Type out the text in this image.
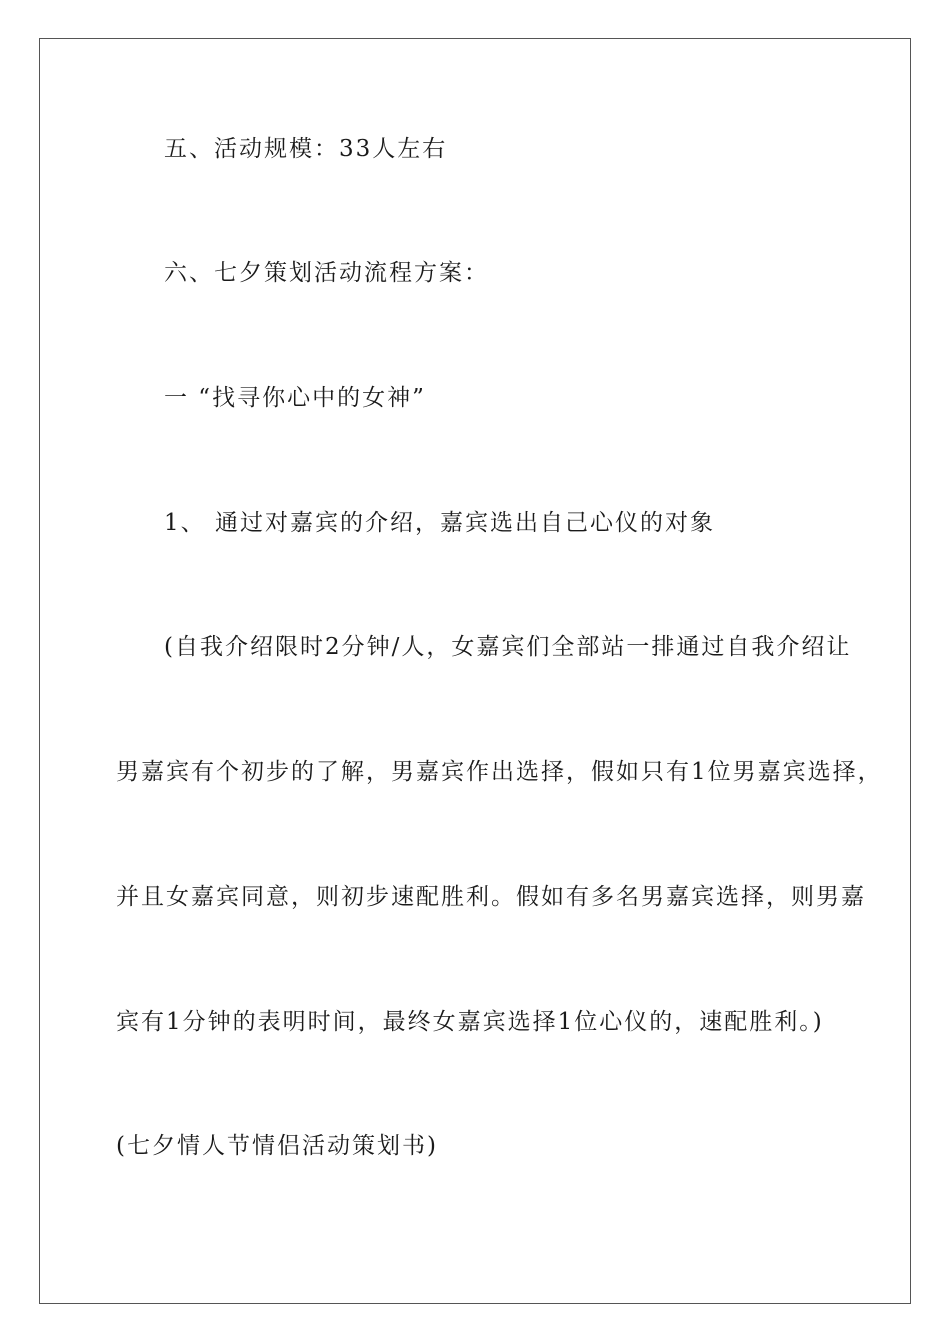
五、活动规模：33人左右
六、七夕策划活动流程方案：
一 “找寻你心中的女神”
1、 通过对嘉宾的介绍，嘉宾选出自己心仪的对象
(自我介绍限时2分钟/人，女嘉宾们全部站一排通过自我介绍让
男嘉宾有个初步的了解，男嘉宾作出选择，假如只有1位男嘉宾选择，
并且女嘉宾同意，则初步速配胜利。假如有多名男嘉宾选择，则男嘉
宾有1分钟的表明时间，最终女嘉宾选择1位心仪的，速配胜利。)
(七夕情人节情侣活动策划书)
